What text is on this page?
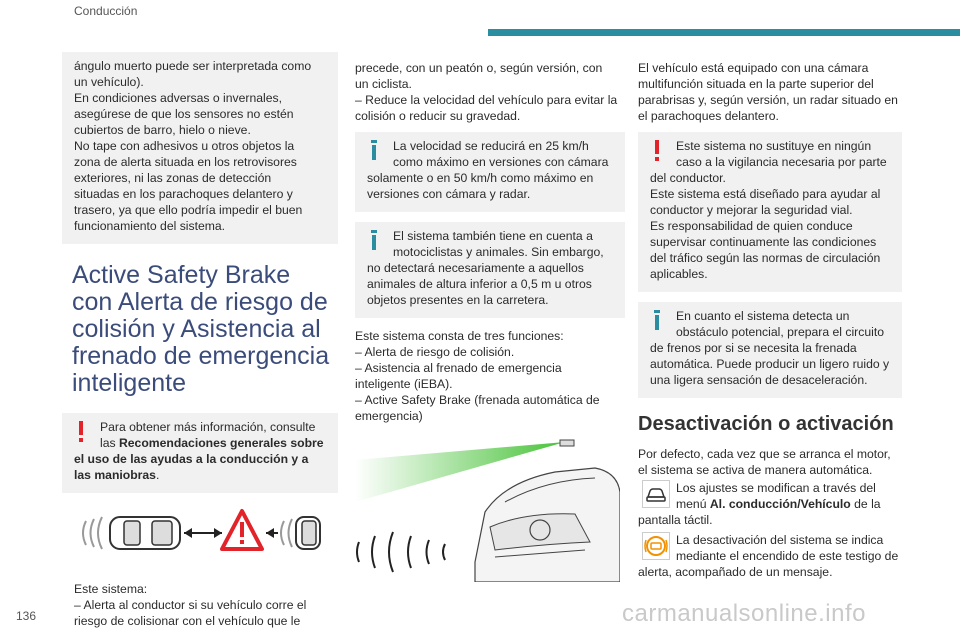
Conducción
ángulo muerto puede ser interpretada como
un vehículo).
En condiciones adversas o invernales,
asegúrese de que los sensores no estén
cubiertos de barro, hielo o nieve.
No tape con adhesivos u otros objetos la
zona de alerta situada en los retrovisores
exteriores, ni las zonas de detección
situadas en los parachoques delantero y
trasero, ya que ello podría impedir el buen
funcionamiento del sistema.
Active Safety Brake
con Alerta de riesgo de
colisión y Asistencia al
frenado de emergencia
inteligente
Para obtener más información, consulte
las Recomendaciones generales sobre
el uso de las ayudas a la conducción y a
las maniobras.
Este sistema:
– Alerta al conductor si su vehículo corre el
riesgo de colisionar con el vehículo que le
precede, con un peatón o, según versión, con
un ciclista.
– Reduce la velocidad del vehículo para evitar la
colisión o reducir su gravedad.
La velocidad se reducirá en 25 km/h
como máximo en versiones con cámara
solamente o en 50 km/h como máximo en
versiones con cámara y radar.
El sistema también tiene en cuenta a
motociclistas y animales. Sin embargo,
no detectará necesariamente a aquellos
animales de altura inferior a 0,5 m u otros
objetos presentes en la carretera.
Este sistema consta de tres funciones:
– Alerta de riesgo de colisión.
– Asistencia al frenado de emergencia
inteligente (iEBA).
– Active Safety Brake (frenada automática de
emergencia)
El vehículo está equipado con una cámara
multifunción situada en la parte superior del
parabrisas y, según versión, un radar situado en
el parachoques delantero.
Este sistema no sustituye en ningún
caso a la vigilancia necesaria por parte
del conductor.
Este sistema está diseñado para ayudar al
conductor y mejorar la seguridad vial.
Es responsabilidad de quien conduce
supervisar continuamente las condiciones
del tráfico según las normas de circulación
aplicables.
En cuanto el sistema detecta un
obstáculo potencial, prepara el circuito
de frenos por si se necesita la frenada
automática. Puede producir un ligero ruido y
una ligera sensación de desaceleración.
Desactivación o activación
Por defecto, cada vez que se arranca el motor,
el sistema se activa de manera automática.
Los ajustes se modifican a través del
menú Al. conducción/Vehículo de la
pantalla táctil.
La desactivación del sistema se indica
mediante el encendido de este testigo de
alerta, acompañado de un mensaje.
136	carmanualsonline.info
